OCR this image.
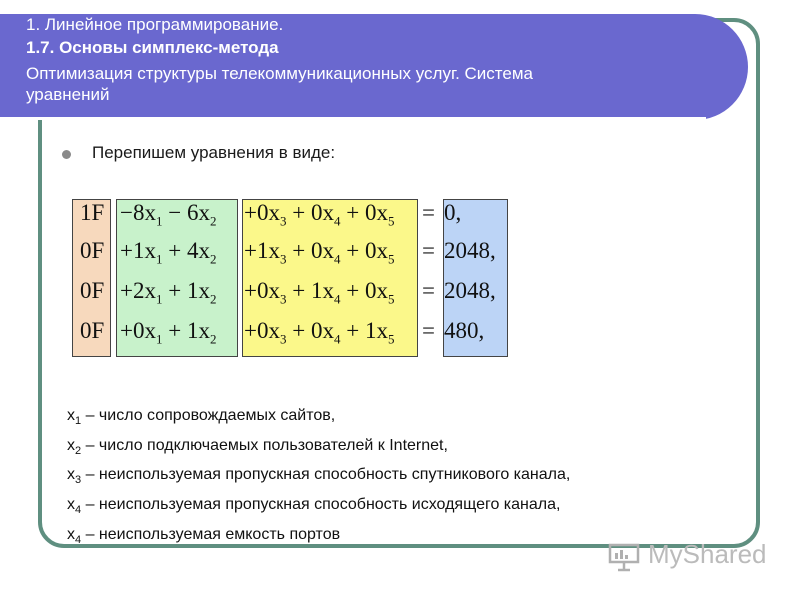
1. Линейное программирование.
1.7. Основы симплекс-метода
Оптимизация структуры телекоммуникационных услуг. Система
уравнений
Перепишем уравнения в виде:
$1F -8x_1 - 6x_2 +0x_3 + 0x_4 + 0x_5 = 0$,
$0F +1x_1 + 4x_2 +1x_3 + 0x_4 + 0x_5 = 2048$,
$0F +2x_1 + 1x_2 +0x_3 + 1x_4 + 0x_5 = 2048$,
$0F +0x_1 + 1x_2 +0x_3 + 0x_4 + 1x_5 = 480$,
$x_1$ – число сопровождаемых сайтов,
$x_2$ – число подключаемых пользователей к Internet,
$x_3$ – неиспользуемая пропускная способность спутникового канала,
$x_4$ – неиспользуемая пропускная способность исходящего канала,
$x_4$ – неиспользуемая емкость портов
MyShared
